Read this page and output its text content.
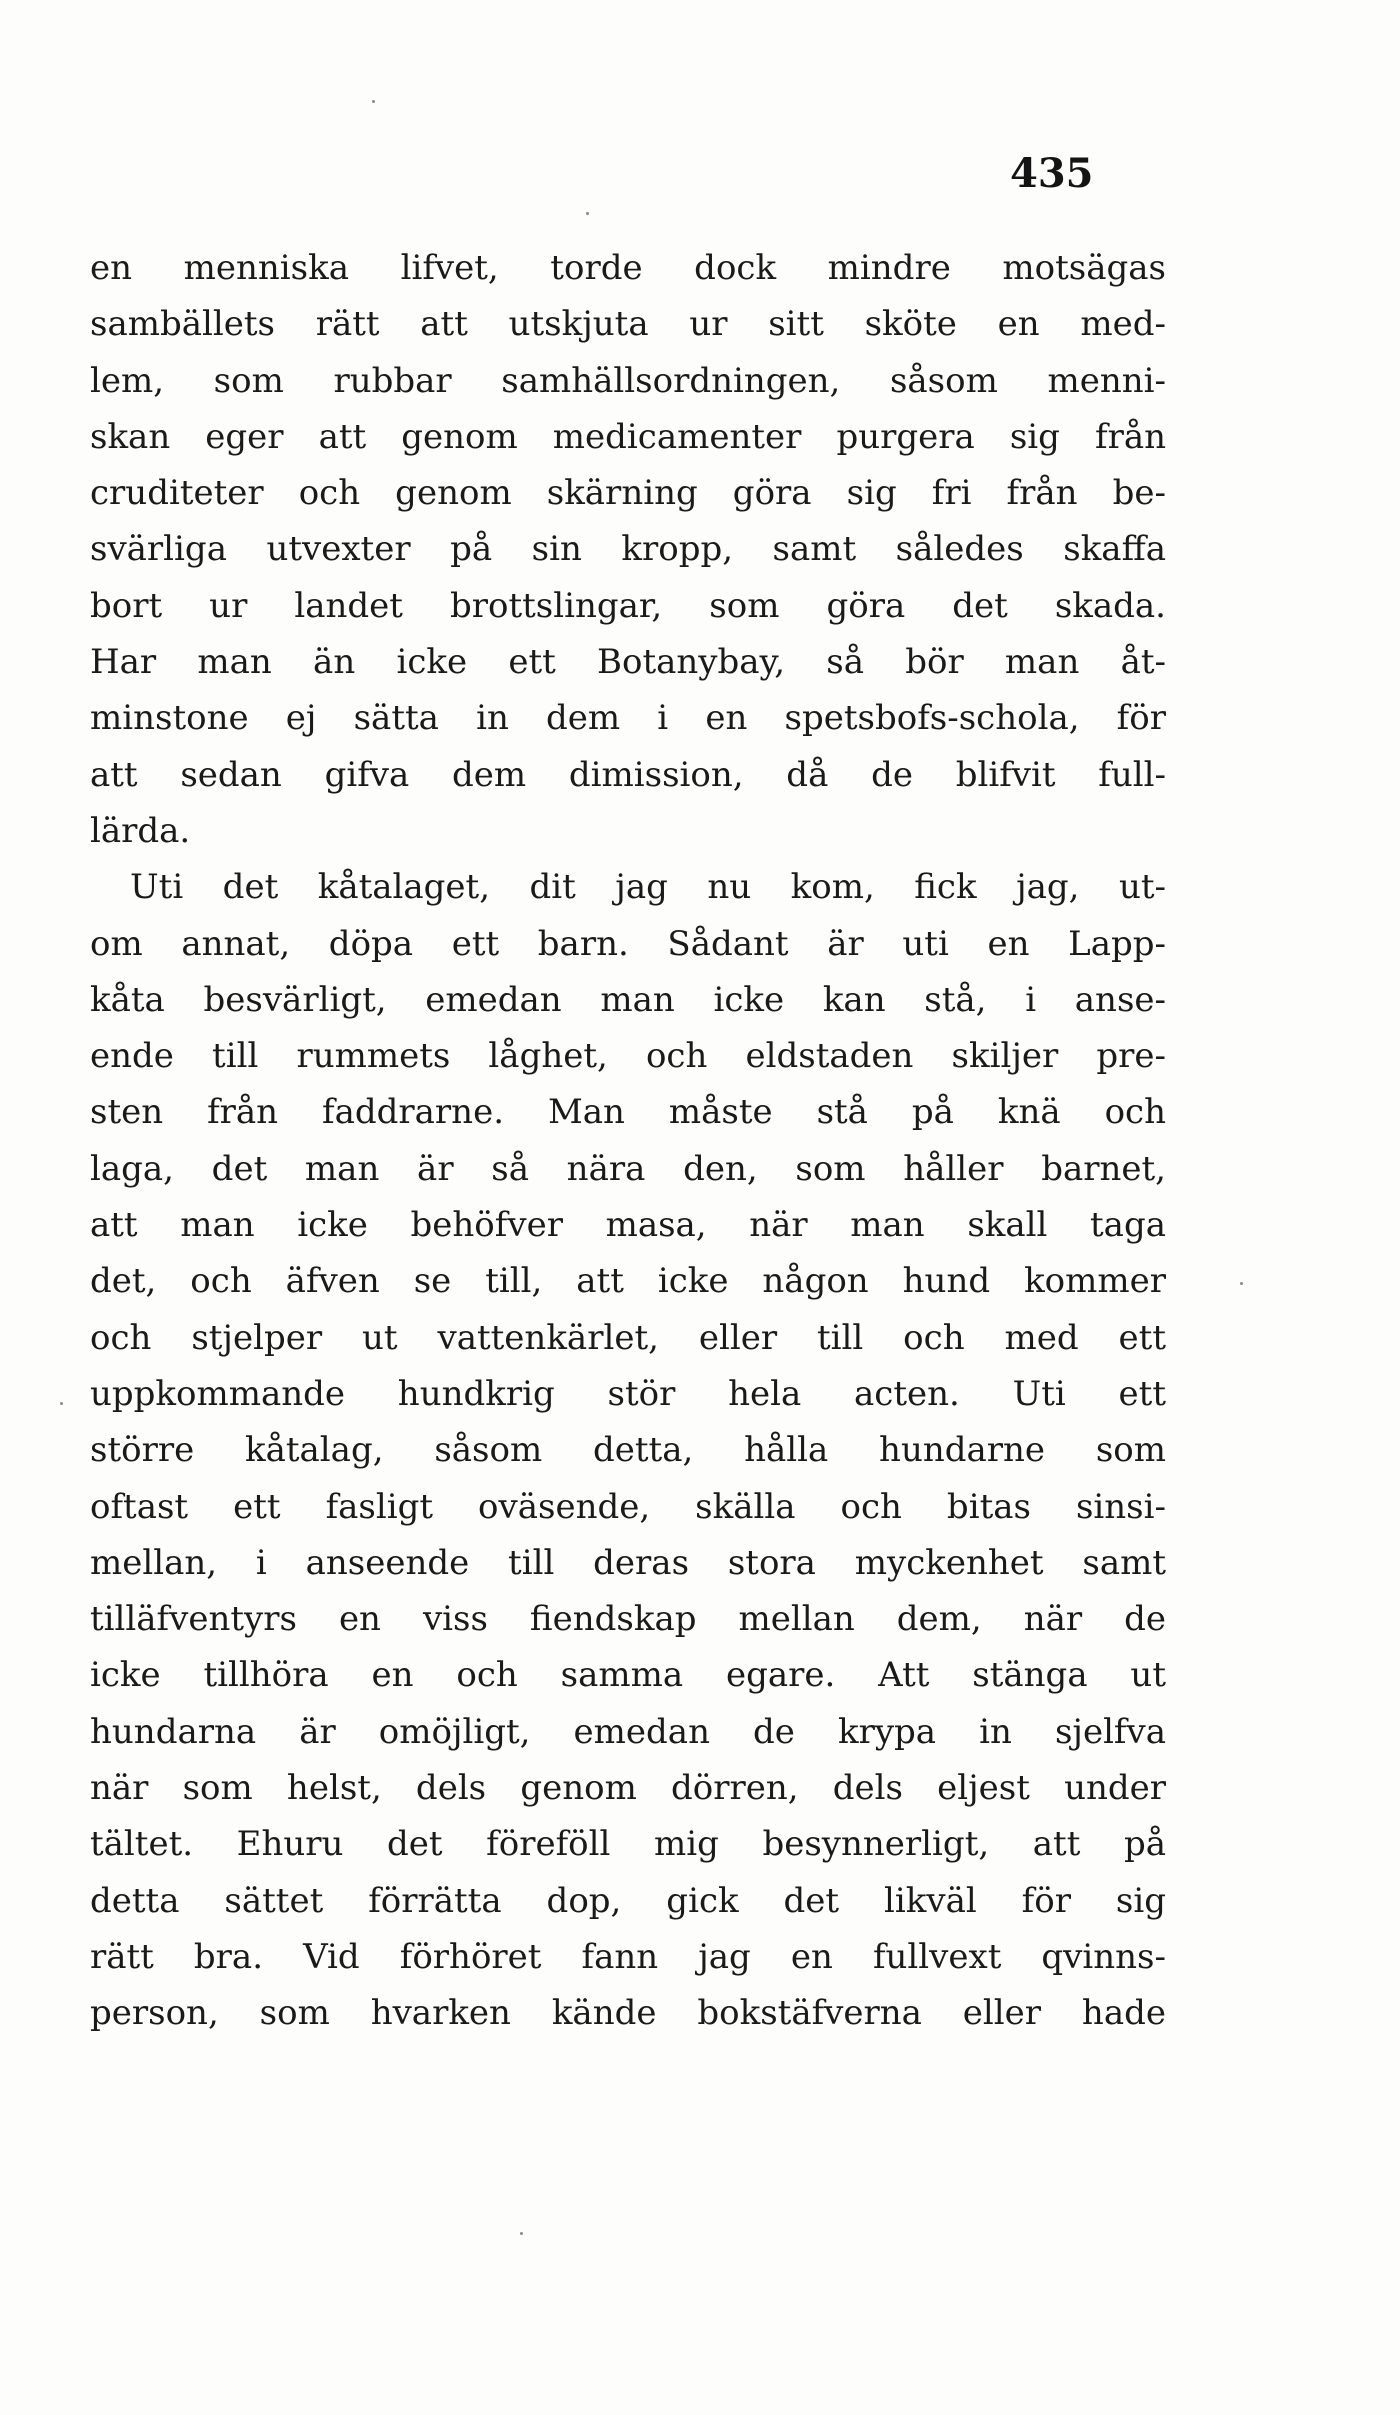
435
en menniska lifvet, torde dock mindre motsägas
sambällets rätt att utskjuta ur sitt sköte en med-
lem, som rubbar samhällsordningen, såsom menni-
skan eger att genom medicamenter purgera sig från
cruditeter och genom skärning göra sig fri från be-
svärliga utvexter på sin kropp, samt således skaffa
bort ur landet brottslingar, som göra det skada.
Har man än icke ett Botanybay, så bör man åt-
minstone ej sätta in dem i en spetsbofs-schola, för
att sedan gifva dem dimission, då de blifvit full-
lärda.
Uti det kåtalaget, dit jag nu kom, fick jag, ut-
om annat, döpa ett barn. Sådant är uti en Lapp-
kåta besvärligt, emedan man icke kan stå, i anse-
ende till rummets låghet, och eldstaden skiljer pre-
sten från faddrarne. Man måste stå på knä och
laga, det man är så nära den, som håller barnet,
att man icke behöfver masa, när man skall taga
det, och äfven se till, att icke någon hund kommer
och stjelper ut vattenkärlet, eller till och med ett
uppkommande hundkrig stör hela acten. Uti ett
större kåtalag, såsom detta, hålla hundarne som
oftast ett fasligt oväsende, skälla och bitas sinsi-
mellan, i anseende till deras stora myckenhet samt
tilläfventyrs en viss fiendskap mellan dem, när de
icke tillhöra en och samma egare. Att stänga ut
hundarna är omöjligt, emedan de krypa in sjelfva
när som helst, dels genom dörren, dels eljest under
tältet. Ehuru det föreföll mig besynnerligt, att på
detta sättet förrätta dop, gick det likväl för sig
rätt bra. Vid förhöret fann jag en fullvext qvinns-
person, som hvarken kände bokstäfverna eller hade
